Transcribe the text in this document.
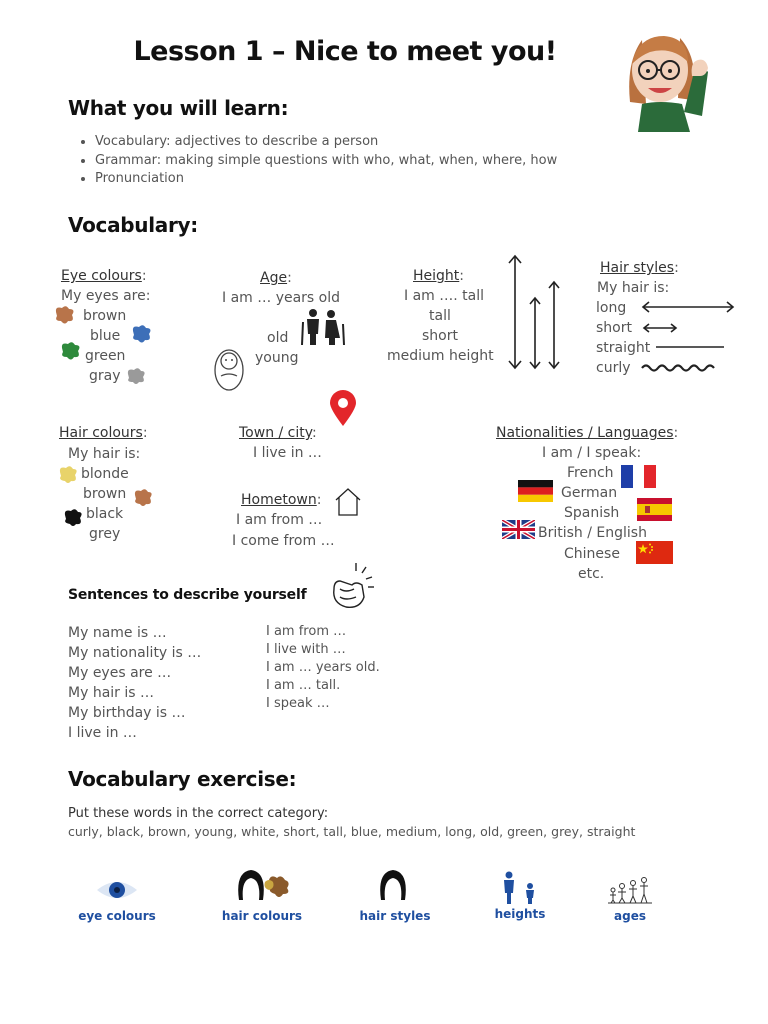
Lesson 1 – Nice to meet you!
What you will learn:
• Vocabulary: adjectives to describe a person
• Grammar: making simple questions with who, what, when, where, how
• Pronunciation
Vocabulary:
Eye colours:
My eyes are:
brown
blue
green
gray
Age:
I am … years old
old
young
Height:
I am …. tall
tall
short
medium height
Hair styles:
My hair is:
long
short
straight
curly
Hair colours:
My hair is:
blonde
brown
black
grey
Town / city:
I live in …
Hometown:
I am from …
I come from …
Nationalities / Languages:
I am / I speak:
French
German
Spanish
British / English
Chinese
etc.
Sentences to describe yourself
My name is …
My nationality is …
My eyes are …
My hair is …
My birthday is …
I live in …
I am from …
I live with …
I am … years old.
I am … tall.
I speak …
Vocabulary exercise:
Put these words in the correct category:
curly, black, brown, young, white, short, tall, blue, medium, long, old, green, grey, straight
eye colours	hair colours	hair styles	heights	ages
